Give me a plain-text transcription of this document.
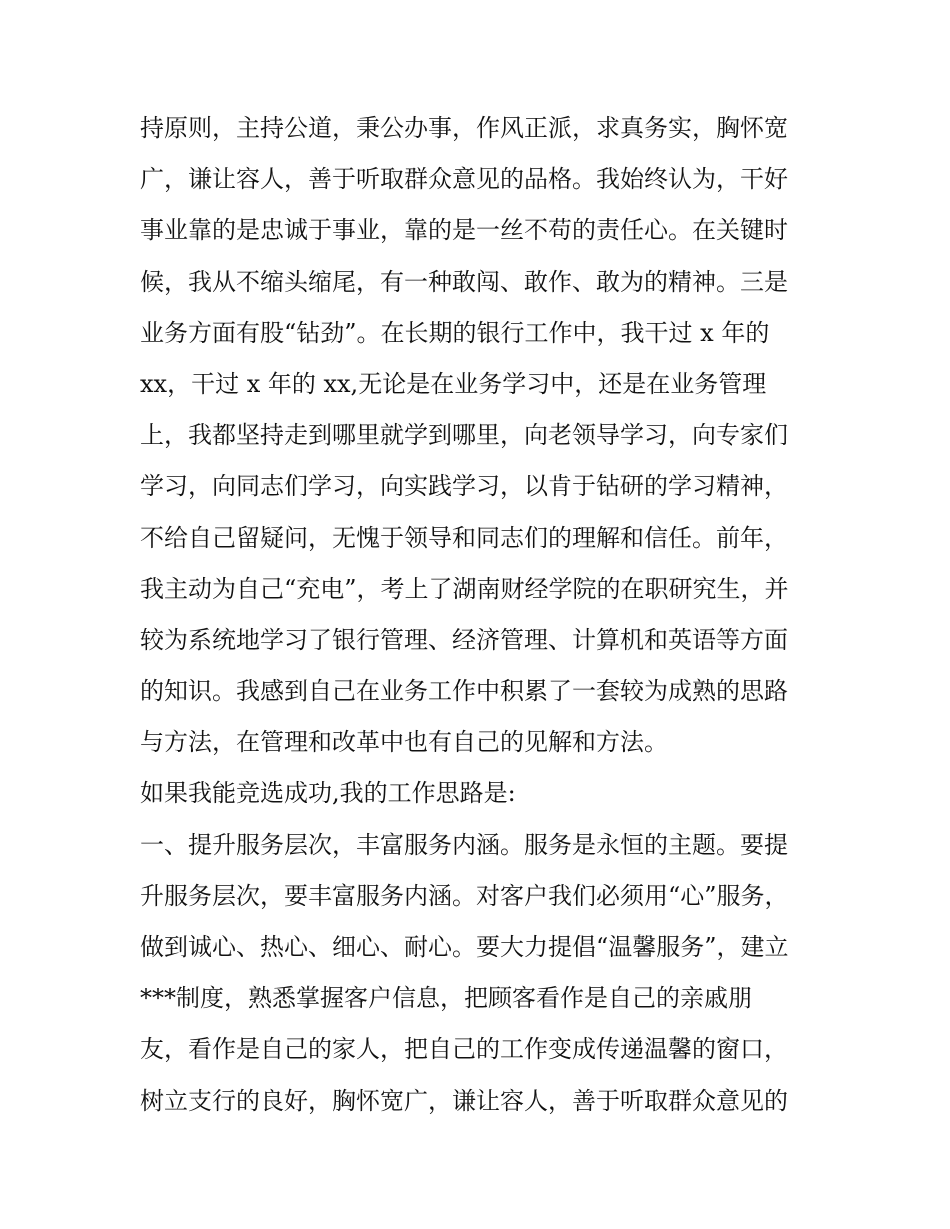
持原则，主持公道，秉公办事，作风正派，求真务实，胸怀宽
广，谦让容人，善于听取群众意见的品格。我始终认为，干好
事业靠的是忠诚于事业，靠的是一丝不苟的责任心。在关键时
候，我从不缩头缩尾，有一种敢闯、敢作、敢为的精神。三是
业务方面有股“钻劲”。在长期的银行工作中，我干过 x 年的
xx，干过 x 年的 xx,无论是在业务学习中，还是在业务管理
上，我都坚持走到哪里就学到哪里，向老领导学习，向专家们
学习，向同志们学习，向实践学习，以肯于钻研的学习精神，
不给自己留疑问，无愧于领导和同志们的理解和信任。前年，
我主动为自己“充电”，考上了湖南财经学院的在职研究生，并
较为系统地学习了银行管理、经济管理、计算机和英语等方面
的知识。我感到自己在业务工作中积累了一套较为成熟的思路
与方法，在管理和改革中也有自己的见解和方法。
如果我能竞选成功,我的工作思路是:
一、提升服务层次，丰富服务内涵。服务是永恒的主题。要提
升服务层次，要丰富服务内涵。对客户我们必须用“心”服务，
做到诚心、热心、细心、耐心。要大力提倡“温馨服务”，建立
***制度，熟悉掌握客户信息，把顾客看作是自己的亲戚朋
友，看作是自己的家人，把自己的工作变成传递温馨的窗口，
树立支行的良好，胸怀宽广，谦让容人，善于听取群众意见的
